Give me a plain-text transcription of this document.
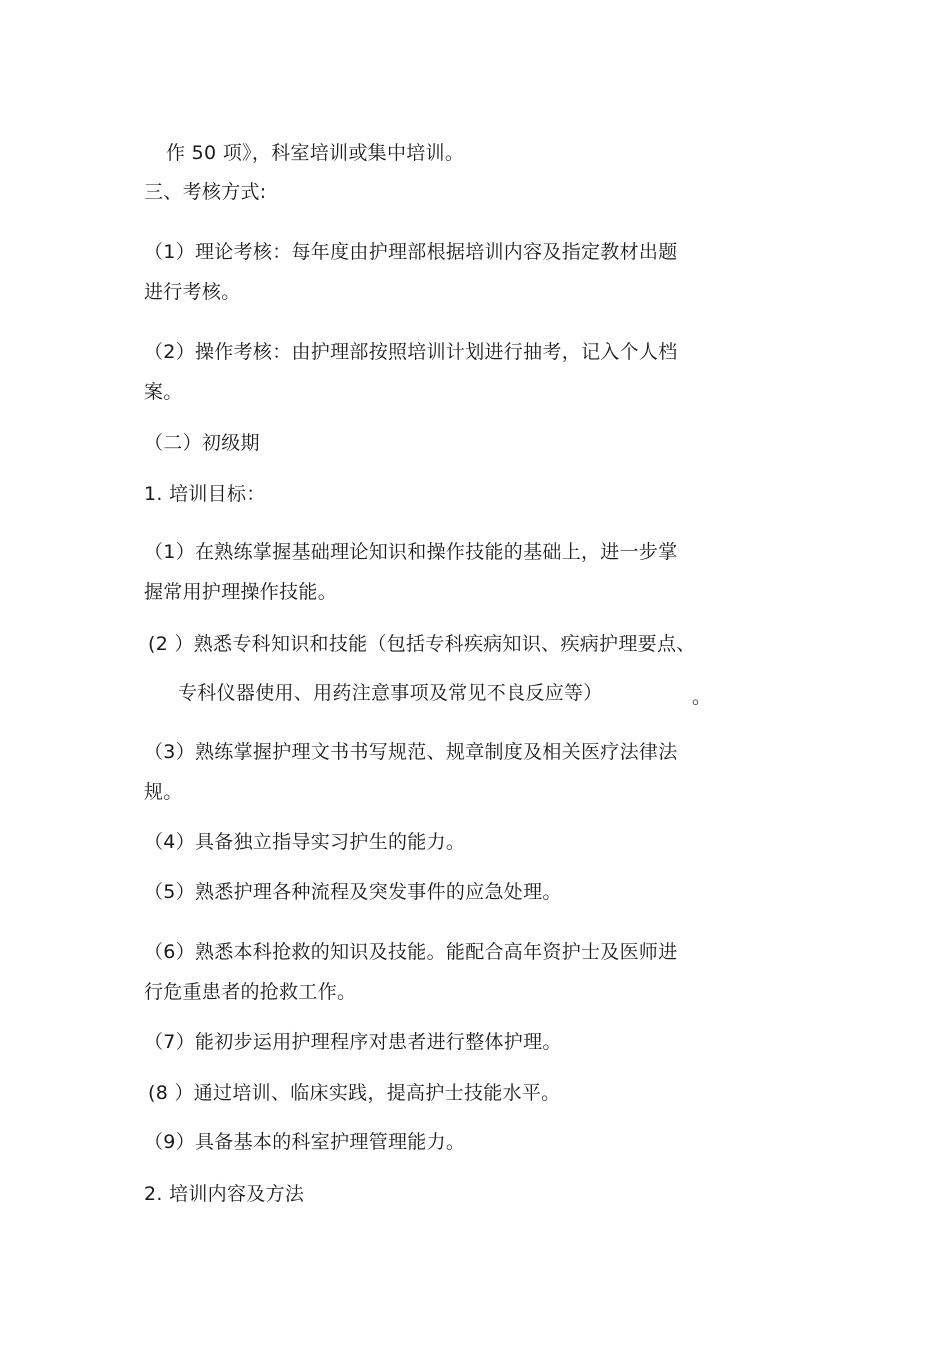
作 50 项》，科室培训或集中培训。
三、考核方式:
（1）理论考核：每年度由护理部根据培训内容及指定教材出题
进行考核。
（2）操作考核：由护理部按照培训计划进行抽考，记入个人档
案。
（二）初级期
1. 培训目标：
（1）在熟练掌握基础理论知识和操作技能的基础上，进一步掌
握常用护理操作技能。
(2 ）熟悉专科知识和技能（包括专科疾病知识、疾病护理要点、
专科仪器使用、用药注意事项及常见不良反应等）	。
（3）熟练掌握护理文书书写规范、规章制度及相关医疗法律法
规。
（4）具备独立指导实习护生的能力。
（5）熟悉护理各种流程及突发事件的应急处理。
（6）熟悉本科抢救的知识及技能。能配合高年资护士及医师进
行危重患者的抢救工作。
（7）能初步运用护理程序对患者进行整体护理。
(8 ）通过培训、临床实践，提高护士技能水平。
（9）具备基本的科室护理管理能力。
2. 培训内容及方法
